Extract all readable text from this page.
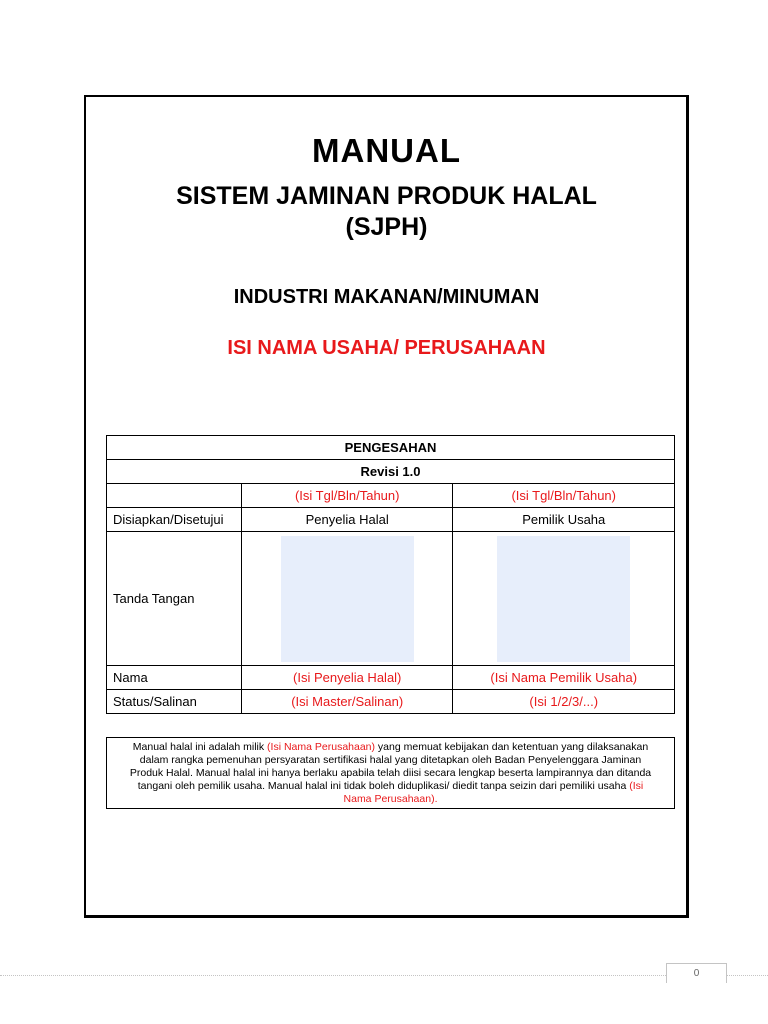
MANUAL
SISTEM JAMINAN PRODUK HALAL
(SJPH)
INDUSTRI MAKANAN/MINUMAN
ISI NAMA USAHA/ PERUSAHAAN
PENGESAHAN		
Revisi 1.0		
	(Isi Tgl/Bln/Tahun)	(Isi Tgl/Bln/Tahun)
Disiapkan/Disetujui	Penyelia Halal	Pemilik Usaha
Tanda Tangan	

Nama	(Isi Penyelia Halal)	(Isi Nama Pemilik Usaha)
Status/Salinan	(Isi Master/Salinan)	(Isi 1/2/3/...)
Manual halal ini adalah milik (Isi Nama Perusahaan) yang memuat kebijakan dan ketentuan yang dilaksanakan dalam rangka pemenuhan persyaratan sertifikasi halal yang ditetapkan oleh Badan Penyelenggara Jaminan Produk Halal. Manual halal ini hanya berlaku apabila telah diisi secara lengkap beserta lampirannya dan ditanda tangani oleh pemilik usaha. Manual halal ini tidak boleh diduplikasi/ diedit tanpa seizin dari pemiliki usaha (Isi Nama Perusahaan).
0
